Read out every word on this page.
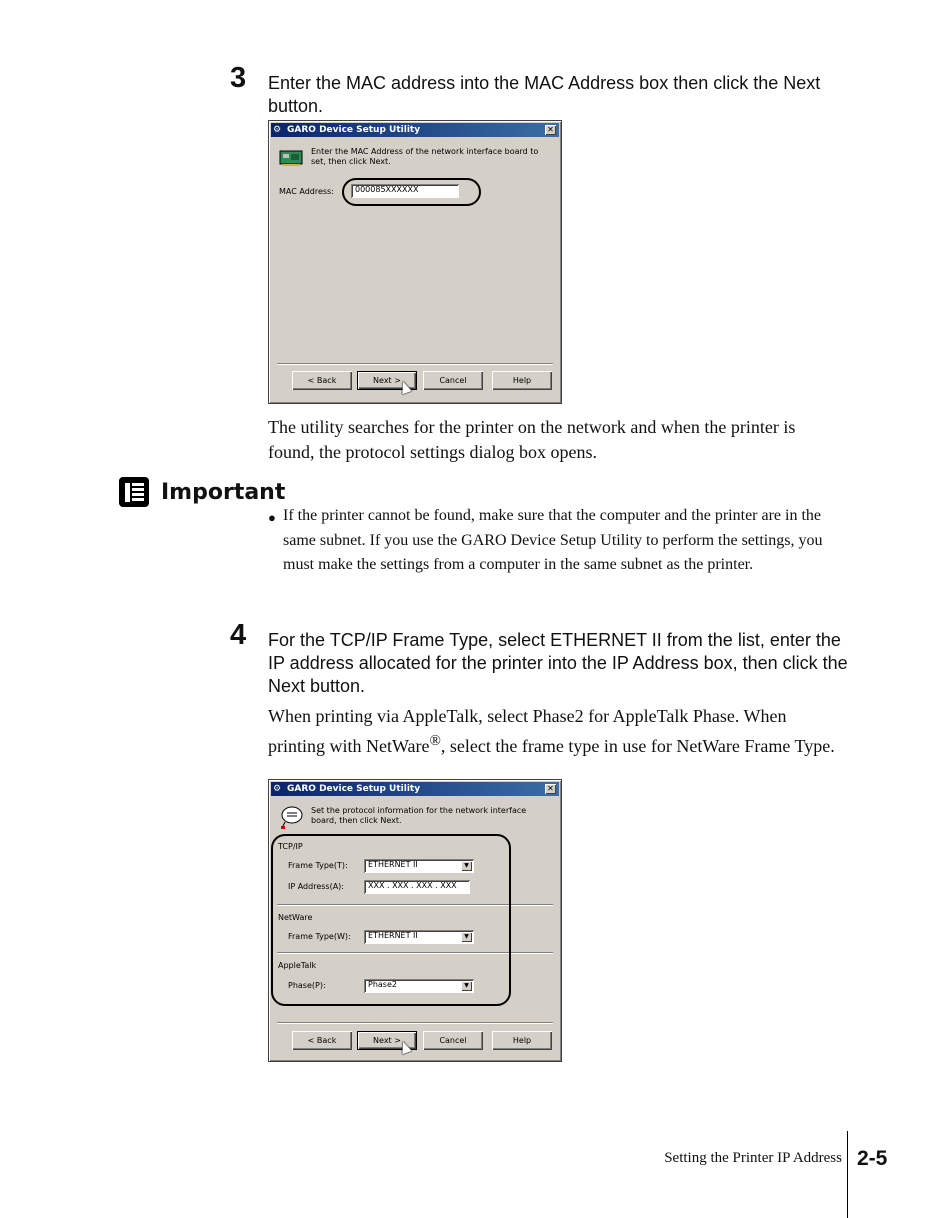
3 Enter the MAC address into the MAC Address box then click the Next button.
⚙ GARO Device Setup Utility	✕
Enter the MAC Address of the network interface board to set, then click Next.
MAC Address:	000085XXXXXX
< Back	Next >	Cancel	Help
The utility searches for the printer on the network and when the printer is found, the protocol settings dialog box opens.
Important
● If the printer cannot be found, make sure that the computer and the printer are in the same subnet. If you use the GARO Device Setup Utility to perform the settings, you must make the settings from a computer in the same subnet as the printer.
4 For the TCP/IP Frame Type, select ETHERNET II from the list, enter the IP address allocated for the printer into the IP Address box, then click the Next button.
When printing via AppleTalk, select Phase2 for AppleTalk Phase. When printing with NetWare®, select the frame type in use for NetWare Frame Type.
⚙ GARO Device Setup Utility	✕
Set the protocol information for the network interface board, then click Next.
TCP/IP
Frame Type(T):	ETHERNET II	▼
IP Address(A):	XXX . XXX . XXX . XXX
NetWare
Frame Type(W):	ETHERNET II	▼
AppleTalk
Phase(P):	Phase2	▼
< Back	Next >	Cancel	Help
Setting the Printer IP Address 2-5
